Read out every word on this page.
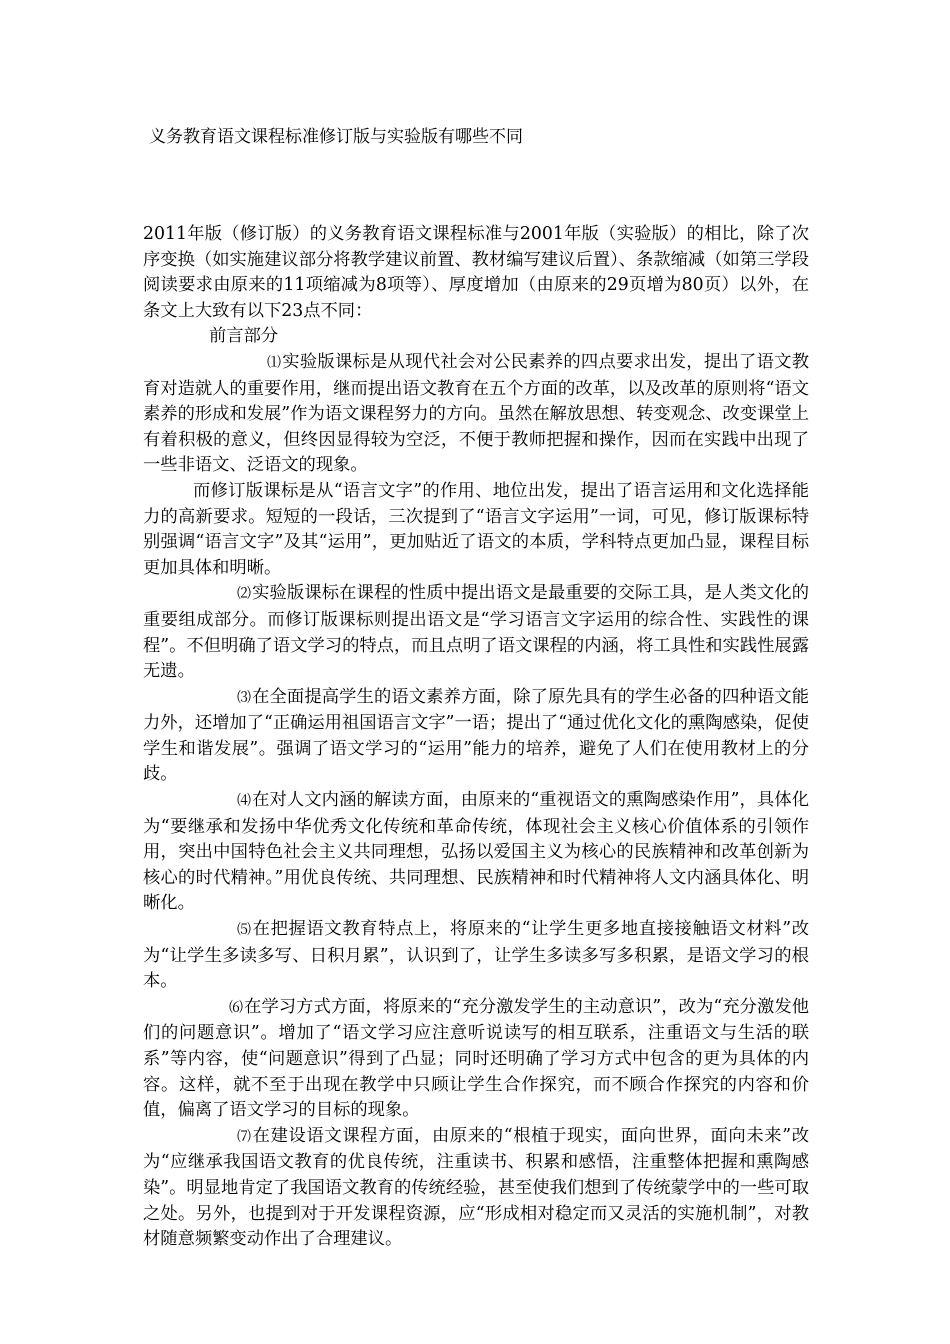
义务教育语文课程标准修订版与实验版有哪些不同

2011年版（修订版）的义务教育语文课程标准与2001年版（实验版）的相比，除了次序变换（如实施建议部分将教学建议前置、教材编写建议后置）、条款缩减（如第三学段阅读要求由原来的11项缩减为8项等）、厚度增加（由原来的29页增为80页）以外，在条文上大致有以下23点不同：

前言部分

⑴实验版课标是从现代社会对公民素养的四点要求出发，提出了语文教育对造就人的重要作用，继而提出语文教育在五个方面的改革，以及改革的原则将“语文素养的形成和发展”作为语文课程努力的方向。虽然在解放思想、转变观念、改变课堂上有着积极的意义，但终因显得较为空泛，不便于教师把握和操作，因而在实践中出现了一些非语文、泛语文的现象。

而修订版课标是从“语言文字”的作用、地位出发，提出了语言运用和文化选择能力的高新要求。短短的一段话，三次提到了“语言文字运用”一词，可见，修订版课标特别强调“语言文字”及其“运用”，更加贴近了语文的本质，学科特点更加凸显，课程目标更加具体和明晰。

⑵实验版课标在课程的性质中提出语文是最重要的交际工具，是人类文化的重要组成部分。而修订版课标则提出语文是“学习语言文字运用的综合性、实践性的课程”。不但明确了语文学习的特点，而且点明了语文课程的内涵，将工具性和实践性展露无遗。

⑶在全面提高学生的语文素养方面，除了原先具有的学生必备的四种语文能力外，还增加了“正确运用祖国语言文字”一语；提出了“通过优化文化的熏陶感染，促使学生和谐发展”。强调了语文学习的“运用”能力的培养，避免了人们在使用教材上的分歧。

⑷在对人文内涵的解读方面，由原来的“重视语文的熏陶感染作用”，具体化为“要继承和发扬中华优秀文化传统和革命传统，体现社会主义核心价值体系的引领作用，突出中国特色社会主义共同理想，弘扬以爱国主义为核心的民族精神和改革创新为核心的时代精神。”用优良传统、共同理想、民族精神和时代精神将人文内涵具体化、明晰化。

⑸在把握语文教育特点上，将原来的“让学生更多地直接接触语文材料”改为“让学生多读多写、日积月累”，认识到了，让学生多读多写多积累，是语文学习的根本。

⑹在学习方式方面，将原来的“充分激发学生的主动意识”，改为“充分激发他们的问题意识”。增加了“语文学习应注意听说读写的相互联系，注重语文与生活的联系”等内容，使“问题意识”得到了凸显；同时还明确了学习方式中包含的更为具体的内容。这样，就不至于出现在教学中只顾让学生合作探究，而不顾合作探究的内容和价值，偏离了语文学习的目标的现象。

⑺在建设语文课程方面，由原来的“根植于现实，面向世界，面向未来”改为“应继承我国语文教育的优良传统，注重读书、积累和感悟，注重整体把握和熏陶感染”。明显地肯定了我国语文教育的传统经验，甚至使我们想到了传统蒙学中的一些可取之处。另外，也提到对于开发课程资源，应“形成相对稳定而又灵活的实施机制”，对教材随意频繁变动作出了合理建议。
